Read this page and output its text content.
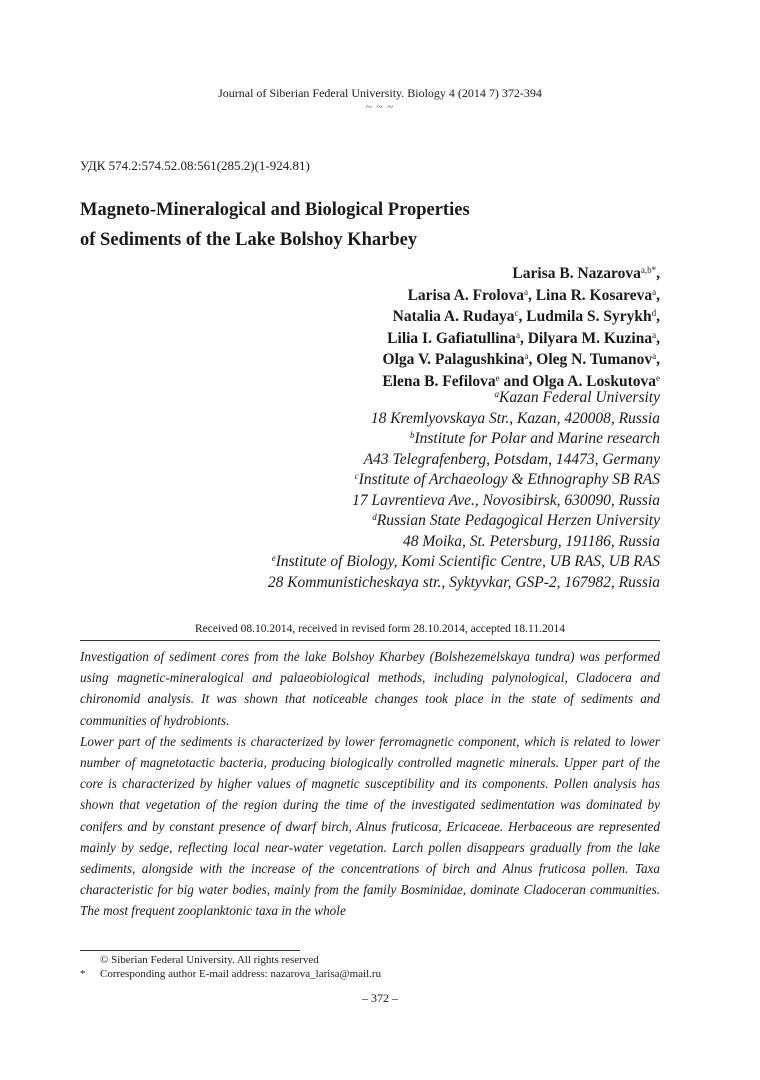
Journal of Siberian Federal University. Biology 4 (2014 7) 372-394
~ ~ ~
УДК 574.2:574.52.08:561(285.2)(1-924.81)
Magneto-Mineralogical and Biological Properties
of Sediments of the Lake Bolshoy Kharbey
Larisa B. Nazarova$^{a,b*}$,
Larisa A. Frolova$^a$, Lina R. Kosareva$^a$,
Natalia A. Rudaya$^c$, Ludmila S. Syrykh$^d$,
Lilia I. Gafiatullina$^a$, Dilyara M. Kuzina$^a$,
Olga V. Palagushkina$^a$, Oleg N. Tumanov$^a$,
Elena B. Fefilova$^e$ and Olga A. Loskutova$^e$
$^a$Kazan Federal University
18 Kremlyovskaya Str., Kazan, 420008, Russia
$^b$Institute for Polar and Marine research
A43 Telegrafenberg, Potsdam, 14473, Germany
$^c$Institute of Archaeology & Ethnography SB RAS
17 Lavrentieva Ave., Novosibirsk, 630090, Russia
$^d$Russian State Pedagogical Herzen University
48 Moika, St. Petersburg, 191186, Russia
$^e$Institute of Biology, Komi Scientific Centre, UB RAS, UB RAS
28 Kommunisticheskaya str., Syktyvkar, GSP-2, 167982, Russia
Received 08.10.2014, received in revised form 28.10.2014, accepted 18.11.2014

Investigation of sediment cores from the lake Bolshoy Kharbey (Bolshezemelskaya tundra) was performed using magnetic-mineralogical and palaeobiological methods, including palynological, Cladocera and chironomid analysis. It was shown that noticeable changes took place in the state of sediments and communities of hydrobionts.

Lower part of the sediments is characterized by lower ferromagnetic component, which is related to lower number of magnetotactic bacteria, producing biologically controlled magnetic minerals. Upper part of the core is characterized by higher values of magnetic susceptibility and its components. Pollen analysis has shown that vegetation of the region during the time of the investigated sedimentation was dominated by conifers and by constant presence of dwarf birch, Alnus fruticosa, Ericaceae. Herbaceous are represented mainly by sedge, reflecting local near-water vegetation. Larch pollen disappears gradually from the lake sediments, alongside with the increase of the concentrations of birch and Alnus fruticosa pollen. Taxa characteristic for big water bodies, mainly from the family Bosminidae, dominate Cladoceran communities. The most frequent zooplanktonic taxa in the whole

© Siberian Federal University. All rights reserved
* Corresponding author E-mail address: nazarova_larisa@mail.ru
– 372 –
